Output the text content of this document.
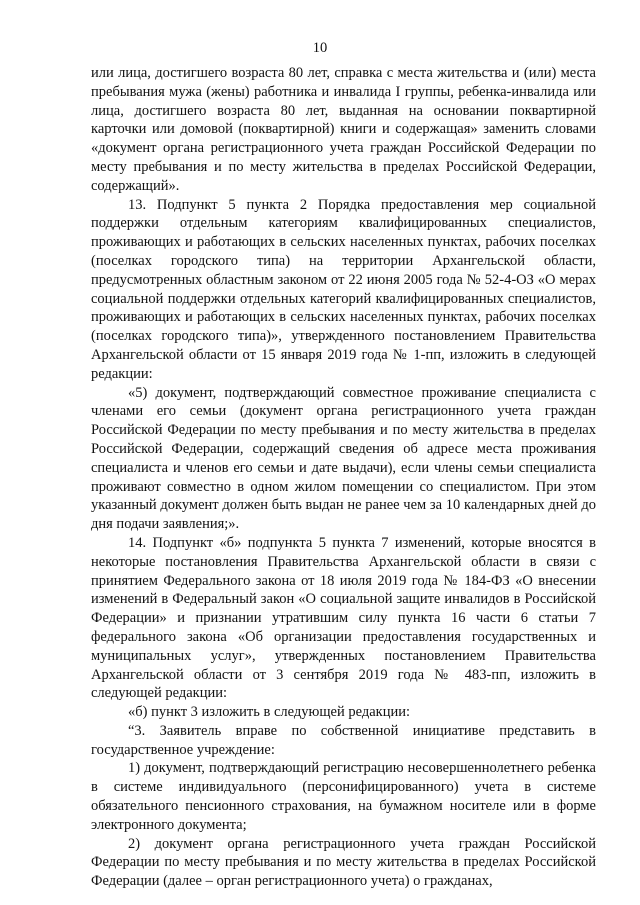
10

или лица, достигшего возраста 80 лет, справка с места жительства и (или) места пребывания мужа (жены) работника и инвалида I группы, ребенка-инвалида или лица, достигшего возраста 80 лет, выданная на основании поквартирной карточки или домовой (поквартирной) книги и содержащая» заменить словами «документ органа регистрационного учета граждан Российской Федерации по месту пребывания и по месту жительства в пределах Российской Федерации, содержащий».

13. Подпункт 5 пункта 2 Порядка предоставления мер социальной поддержки отдельным категориям квалифицированных специалистов, проживающих и работающих в сельских населенных пунктах, рабочих поселках (поселках городского типа) на территории Архангельской области, предусмотренных областным законом от 22 июня 2005 года № 52-4-ОЗ «О мерах социальной поддержки отдельных категорий квалифицированных специалистов, проживающих и работающих в сельских населенных пунктах, рабочих поселках (поселках городского типа)», утвержденного постановлением Правительства Архангельской области от 15 января 2019 года № 1-пп, изложить в следующей редакции:

«5) документ, подтверждающий совместное проживание специалиста с членами его семьи (документ органа регистрационного учета граждан Российской Федерации по месту пребывания и по месту жительства в пределах Российской Федерации, содержащий сведения об адресе места проживания специалиста и членов его семьи и дате выдачи), если члены семьи специалиста проживают совместно в одном жилом помещении со специалистом. При этом указанный документ должен быть выдан не ранее чем за 10 календарных дней до дня подачи заявления;».

14. Подпункт «б» подпункта 5 пункта 7 изменений, которые вносятся в некоторые постановления Правительства Архангельской области в связи с принятием Федерального закона от 18 июля 2019 года № 184-ФЗ «О внесении изменений в Федеральный закон «О социальной защите инвалидов в Российской Федерации» и признании утратившим силу пункта 16 части 6 статьи 7 федерального закона «Об организации предоставления государственных и муниципальных услуг», утвержденных постановлением Правительства Архангельской области от 3 сентября 2019 года № 483-пп, изложить в следующей редакции:

«б) пункт 3 изложить в следующей редакции:

“3. Заявитель вправе по собственной инициативе представить в государственное учреждение:

1) документ, подтверждающий регистрацию несовершеннолетнего ребенка в системе индивидуального (персонифицированного) учета в системе обязательного пенсионного страхования, на бумажном носителе или в форме электронного документа;

2) документ органа регистрационного учета граждан Российской Федерации по месту пребывания и по месту жительства в пределах Российской Федерации (далее – орган регистрационного учета) о гражданах,
